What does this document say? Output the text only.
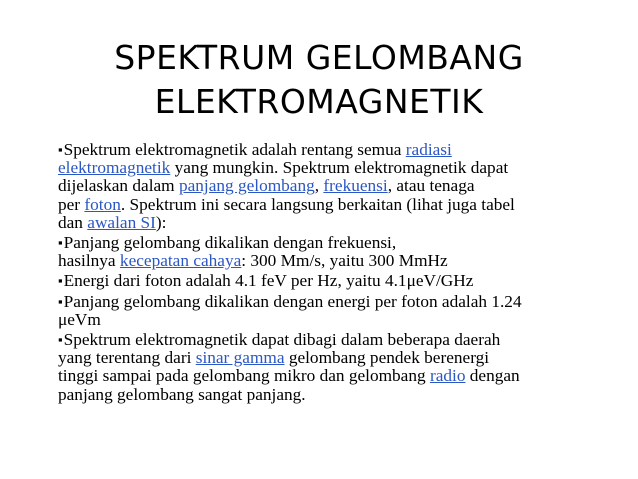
SPEKTRUM GELOMBANG
ELEKTROMAGNETIK
▪Spektrum elektromagnetik adalah rentang semua radiasi
elektromagnetik yang mungkin. Spektrum elektromagnetik dapat
dijelaskan dalam panjang gelombang, frekuensi, atau tenaga
per foton. Spektrum ini secara langsung berkaitan (lihat juga tabel
dan awalan SI):
▪Panjang gelombang dikalikan dengan frekuensi,
hasilnya kecepatan cahaya: 300 Mm/s, yaitu 300 MmHz
▪Energi dari foton adalah 4.1 feV per Hz, yaitu 4.1μeV/GHz
▪Panjang gelombang dikalikan dengan energi per foton adalah 1.24
μeVm
▪Spektrum elektromagnetik dapat dibagi dalam beberapa daerah
yang terentang dari sinar gamma gelombang pendek berenergi
tinggi sampai pada gelombang mikro dan gelombang radio dengan
panjang gelombang sangat panjang.
